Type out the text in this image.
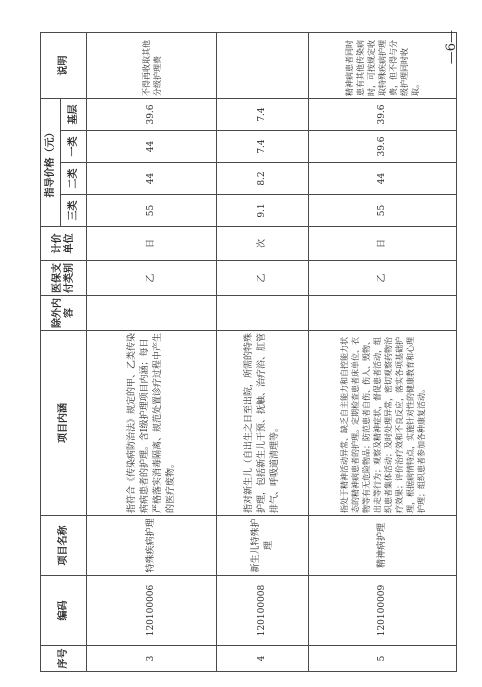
序号	编码	项目名称	项目内涵	除外内容	医保支付类别	计价单位	指导价格（元）				说明
							三类	二类	一类	基层	
3	120100006	特殊疾病护理	指符合《传染病防治法》规定的甲、乙类传染病病患者的护理。含Ⅰ级护理项目内涵；每日严格落实消毒隔离、规范处置诊疗过程中产生的医疗废物。		乙	日	55	44	44	39.6	不得再收取其他分级护理费
4	120100008	新生儿特殊护理	指对新生儿（自出生之日至出院，所需的特殊护理，包括新生儿干预、抚触、治疗浴、肛管排气、呼吸道清理等。		乙	次	9.1	8.2	7.4	7.4	
5	120100009	精神病护理	指处于精神活动异常、缺乏自主能力和自控能力状态的精神病患者的护理。定期检查患者床单位、衣物等有无危险物品；防范患者自伤、伤人、毁物、出走等行为；观察及精神症状，督促患者活动，组织患者集体活动；及时处理异常，密切观察药物治疗效果；评价治疗效和不良反应，落实各项基础护理，根据病情特点，实施针对性的健康教育和心理护理；组织患者参加各种康复活动。		乙	日	55	44	39.6	39.6	精神病患者同时患有其他传染病时，可按规定收取特殊疾病护理费，但不得与分级护理同时收取。
—6—
